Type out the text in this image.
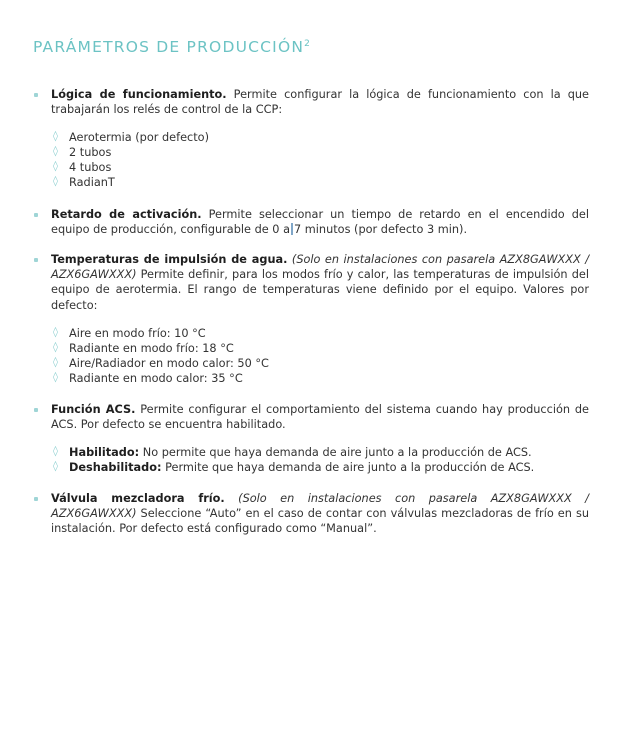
PARÁMETROS DE PRODUCCIÓN$^2$
Lógica de funcionamiento. Permite configurar la lógica de funcionamiento con la que trabajarán los relés de control de la CCP:
◊ Aerotermia (por defecto)
◊ 2 tubos
◊ 4 tubos
◊ RadianT
Retardo de activación. Permite seleccionar un tiempo de retardo en el encendido del equipo de producción, configurable de 0 a 7 minutos (por defecto 3 min).
Temperaturas de impulsión de agua. (Solo en instalaciones con pasarela AZX8GAWXXX / AZX6GAWXXX) Permite definir, para los modos frío y calor, las temperaturas de impulsión del equipo de aerotermia. El rango de temperaturas viene definido por el equipo. Valores por defecto:
◊ Aire en modo frío: 10 °C
◊ Radiante en modo frío: 18 °C
◊ Aire/Radiador en modo calor: 50 °C
◊ Radiante en modo calor: 35 °C
Función ACS. Permite configurar el comportamiento del sistema cuando hay producción de ACS. Por defecto se encuentra habilitado.
◊ Habilitado: No permite que haya demanda de aire junto a la producción de ACS.
◊ Deshabilitado: Permite que haya demanda de aire junto a la producción de ACS.
Válvula mezcladora frío. (Solo en instalaciones con pasarela AZX8GAWXXX / AZX6GAWXXX) Seleccione “Auto” en el caso de contar con válvulas mezcladoras de frío en su instalación. Por defecto está configurado como “Manual”.
